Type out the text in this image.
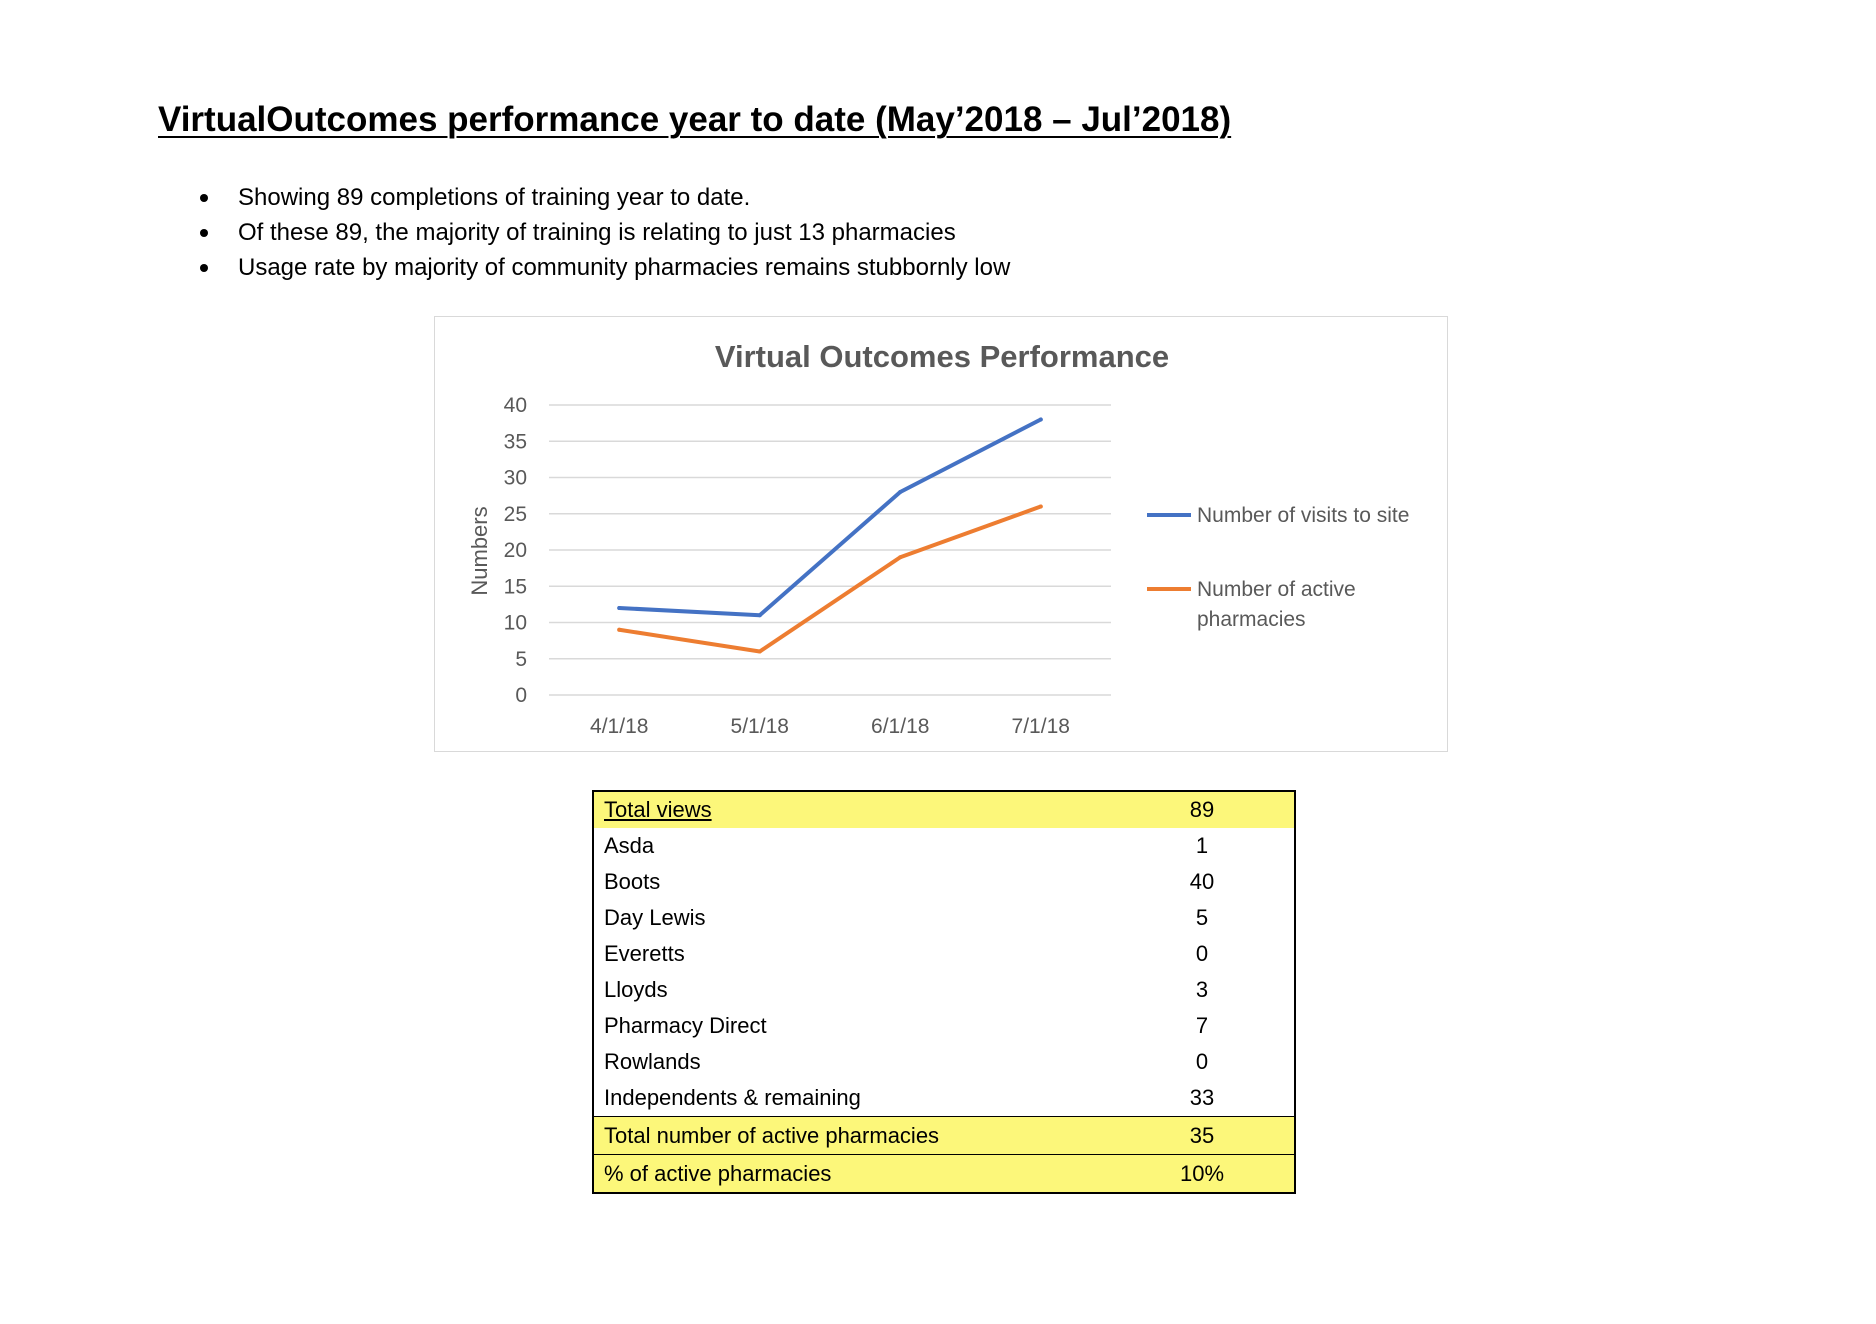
VirtualOutcomes performance year to date (May’2018 – Jul’2018)
Showing 89 completions of training year to date.
Of these 89, the majority of training is relating to just 13 pharmacies
Usage rate by majority of community pharmacies remains stubbornly low
Virtual Outcomes Performance
0
5
10
15
20
25
30
35
40
4/1/18	5/1/18	6/1/18	7/1/18
Numbers	Number of visits to site
Number of active pharmacies
Total views	89
Asda	1
Boots	40
Day Lewis	5
Everetts	0
Lloyds	3
Pharmacy Direct	7
Rowlands	0
Independents & remaining	33
Total number of active pharmacies	35
% of active pharmacies	10%
